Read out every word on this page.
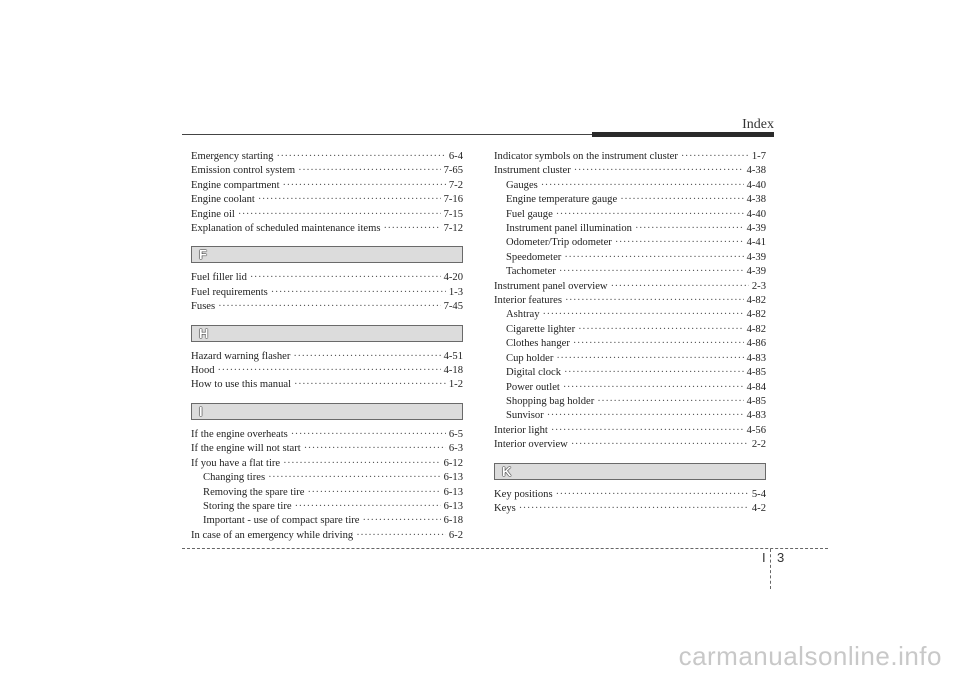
Index
Emergency starting ·····	6-4
Emission control system ·····	7-65
Engine compartment ·····	7-2
Engine coolant ·····	7-16
Engine oil ·····	7-15
Explanation of scheduled maintenance items ·····	7-12
F
Fuel filler lid ·····	4-20
Fuel requirements ·····	1-3
Fuses ·····	7-45
H
Hazard warning flasher ·····	4-51
Hood ·····	4-18
How to use this manual ·····	1-2
I
If the engine overheats ·····	6-5
If the engine will not start ·····	6-3
If you have a flat tire ·····	6-12
Changing tires ·····	6-13
Removing the spare tire ·····	6-13
Storing the spare tire ·····	6-13
Important - use of compact spare tire ·····	6-18
In case of an emergency while driving ·····	6-2
Indicator symbols on the instrument cluster ·····	1-7
Instrument cluster ·····	4-38
Gauges ·····	4-40
Engine temperature gauge ·····	4-38
Fuel gauge ·····	4-40
Instrument panel illumination ·····	4-39
Odometer/Trip odometer ·····	4-41
Speedometer ·····	4-39
Tachometer ·····	4-39
Instrument panel overview ·····	2-3
Interior features ·····	4-82
Ashtray ·····	4-82
Cigarette lighter ·····	4-82
Clothes hanger ·····	4-86
Cup holder ·····	4-83
Digital clock ·····	4-85
Power outlet ·····	4-84
Shopping bag holder ·····	4-85
Sunvisor ·····	4-83
Interior light ·····	4-56
Interior overview ·····	2-2
K
Key positions ·····	5-4
Keys ·····	4-2
I 3
carmanualsonline.info
